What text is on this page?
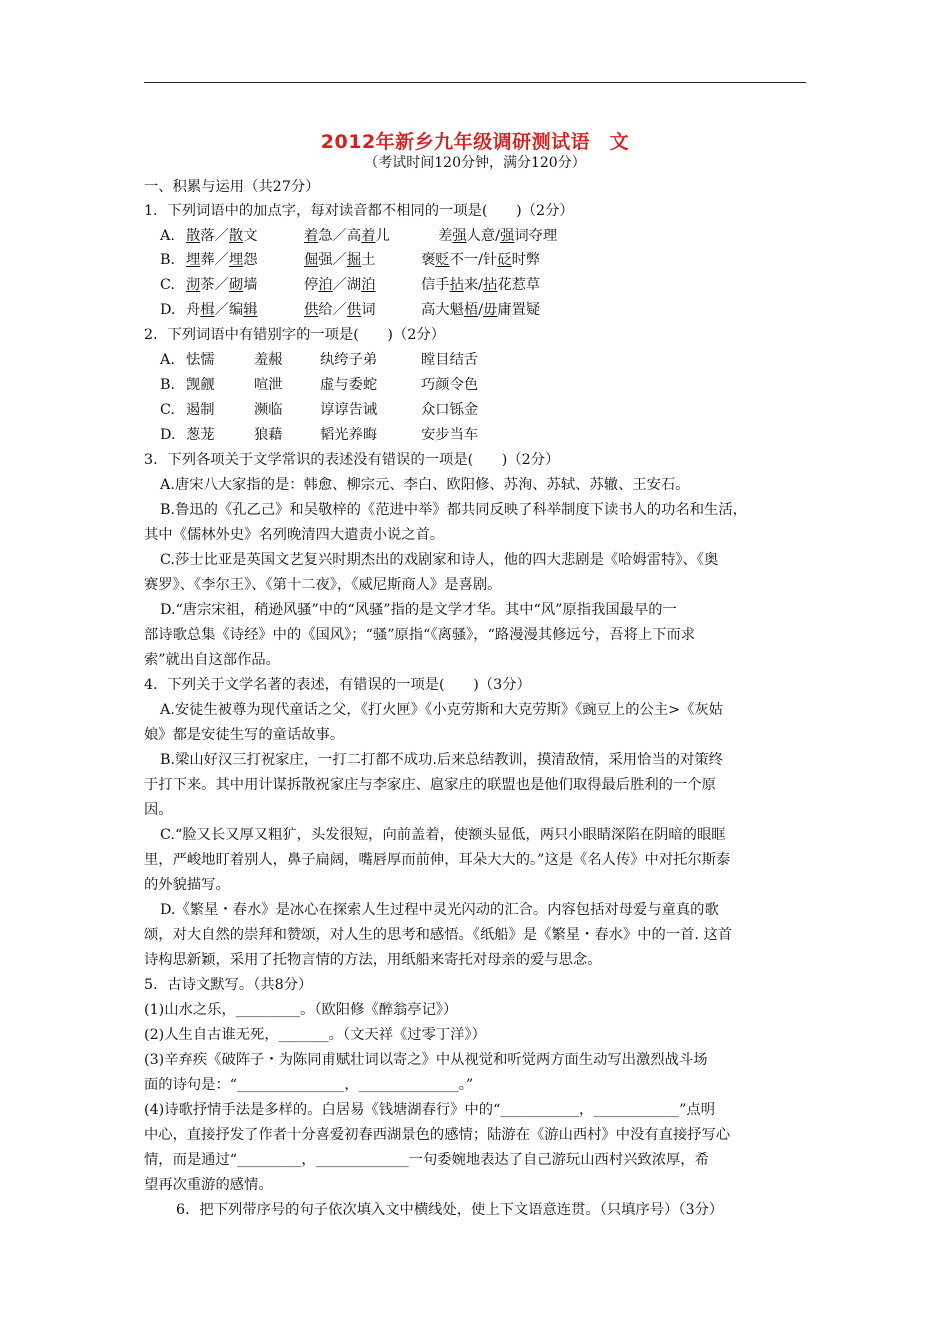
2012年新乡九年级调研测试语　文
（考试时间120分钟，满分120分）
一、积累与运用（共27分）
1．下列词语中的加点字，每对读音都不相同的一项是(　　)（2分）
A. 散落／散文	着急／高着儿	差强人意/强词夺理
B. 埋葬／埋怨	倔强／掘土	褒贬不一/针砭时弊
C. 沏茶／砌墙	停泊／湖泊	信手拈来/拈花惹草
D. 舟楫／编辑	供给／供词	高大魁梧/毋庸置疑
2．下列词语中有错别字的一项是(　　)（2分）
A. 怯懦	羞赧	纨绔子弟	瞠目结舌
B. 觊觎	喧泄	虚与委蛇	巧颜令色
C. 遏制	濒临	谆谆告诫	众口铄金
D. 葱茏	狼藉	韬光养晦	安步当车
3．下列各项关于文学常识的表述没有错误的一项是(　　)（2分）
A.唐宋八大家指的是：韩愈、柳宗元、李白、欧阳修、苏洵、苏轼、苏辙、王安石。
B.鲁迅的《孔乙己》和吴敬梓的《范进中举》都共同反映了科举制度下读书人的功名和生活，
其中《儒林外史》名列晚清四大遣责小说之首。
C.莎士比亚是英国文艺复兴时期杰出的戏剧家和诗人，他的四大悲剧是《哈姆雷特》、《奥
赛罗》、《李尔王》、《第十二夜》，《威尼斯商人》是喜剧。
D.“唐宗宋祖，稍逊风骚”中的“风骚”指的是文学才华。其中“风”原指我国最早的一
部诗歌总集《诗经》中的《国风》；“骚”原指“《离骚》，“路漫漫其修远兮，吾将上下而求
索”就出自这部作品。
4．下列关于文学名著的表述，有错误的一项是(　　)（3分）
A.安徒生被尊为现代童话之父，《打火匣》《小克劳斯和大克劳斯》《豌豆上的公主>《灰姑
娘》都是安徒生写的童话故事。
B.梁山好汉三打祝家庄，一打二打都不成功.后来总结教训，摸清敌情，采用恰当的对策终
于打下来。其中用计谋拆散祝家庄与李家庄、扈家庄的联盟也是他们取得最后胜利的一个原
因。
C.“脸又长又厚又粗犷，头发很短，向前盖着，使额头显低，两只小眼睛深陷在阴暗的眼眶
里，严峻地盯着别人，鼻子扁阔，嘴唇厚而前伸，耳朵大大的。”这是《名人传》中对托尔斯泰
的外貌描写。
D.《繁星・春水》是冰心在探索人生过程中灵光闪动的汇合。内容包括对母爱与童真的歌
颂，对大自然的崇拜和赞颂，对人生的思考和感悟。《纸船》是《繁星・春水》中的一首. 这首
诗构思新颖，采用了托物言情的方法，用纸船来寄托对母亲的爱与思念。
5．古诗文默写。（共8分）
(1)山水之乐，_________。（欧阳修《醉翁亭记》）
(2)人生自古谁无死，_______。（文天祥《过零丁洋》）
(3)辛弃疾《破阵子・为陈同甫赋壮词以寄之》中从视觉和听觉两方面生动写出激烈战斗场
面的诗句是：“_______________，______________。”
(4)诗歌抒情手法是多样的。白居易《钱塘湖春行》中的“___________，____________”点明
中心，直接抒发了作者十分喜爱初春西湖景色的感情；陆游在《游山西村》中没有直接抒写心
情，而是通过“_________，_____________一句委婉地表达了自己游玩山西村兴致浓厚，希
望再次重游的感情。
6．把下列带序号的句子依次填入文中横线处，使上下文语意连贯。（只填序号）（3分）
